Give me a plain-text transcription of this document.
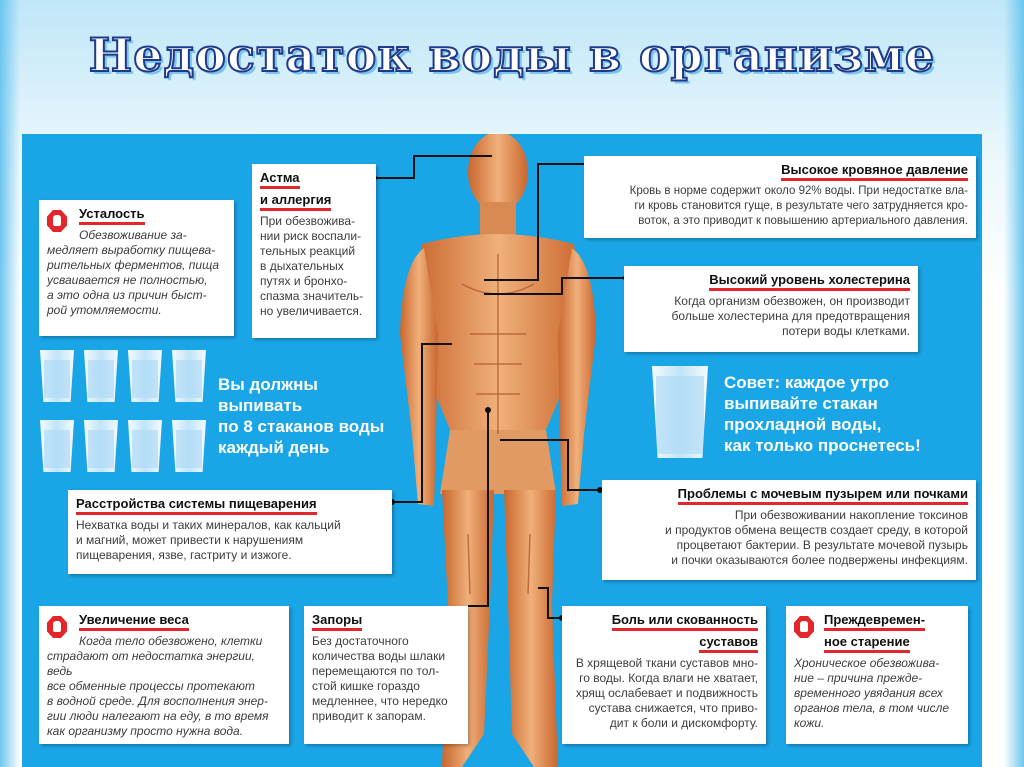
Недостаток воды в организме
Усталость
Обезвоживание за-
медляет выработку пищева-
рительных ферментов, пища
усваивается не полностью,
а это одна из причин быст-
рой утомляемости.
Астма
и аллергия
При обезвожива-
нии риск воспали-
тельных реакций
в дыхательных
путях и бронхо-
спазма значитель-
но увеличивается.
Высокое кровяное давление
Кровь в норме содержит около 92% воды. При недостатке вла-
ги кровь становится гуще, в результате чего затрудняется кро-
воток, а это приводит к повышению артериального давления.
Высокий уровень холестерина
Когда организм обезвожен, он производит
больше холестерина для предотвращения
потери воды клетками.
Вы должны
выпивать
по 8 стаканов воды
каждый день
Совет: каждое утро
выпивайте стакан
прохладной воды,
как только проснетесь!
Расстройства системы пищеварения
Нехватка воды и таких минералов, как кальций
и магний, может привести к нарушениям
пищеварения, язве, гастриту и изжоге.
Проблемы с мочевым пузырем или почками
При обезвоживании накопление токсинов
и продуктов обмена веществ создает среду, в которой
процветают бактерии. В результате мочевой пузырь
и почки оказываются более подвержены инфекциям.
Увеличение веса
Когда тело обезвожено, клетки
страдают от недостатка энергии, ведь
все обменные процессы протекают
в водной среде. Для восполнения энер-
гии люди налегают на еду, в то время
как организму просто нужна вода.
Запоры
Без достаточного
количества воды шлаки
перемещаются по тол-
стой кишке гораздо
медленнее, что нередко
приводит к запорам.
Боль или скованность
суставов
В хрящевой ткани суставов мно-
го воды. Когда влаги не хватает,
хрящ ослабевает и подвижность
сустава снижается, что приво-
дит к боли и дискомфорту.
Преждевремен-
ное старение
Хроническое обезвожива-
ние – причина прежде-
временного увядания всех
органов тела, в том числе
кожи.
